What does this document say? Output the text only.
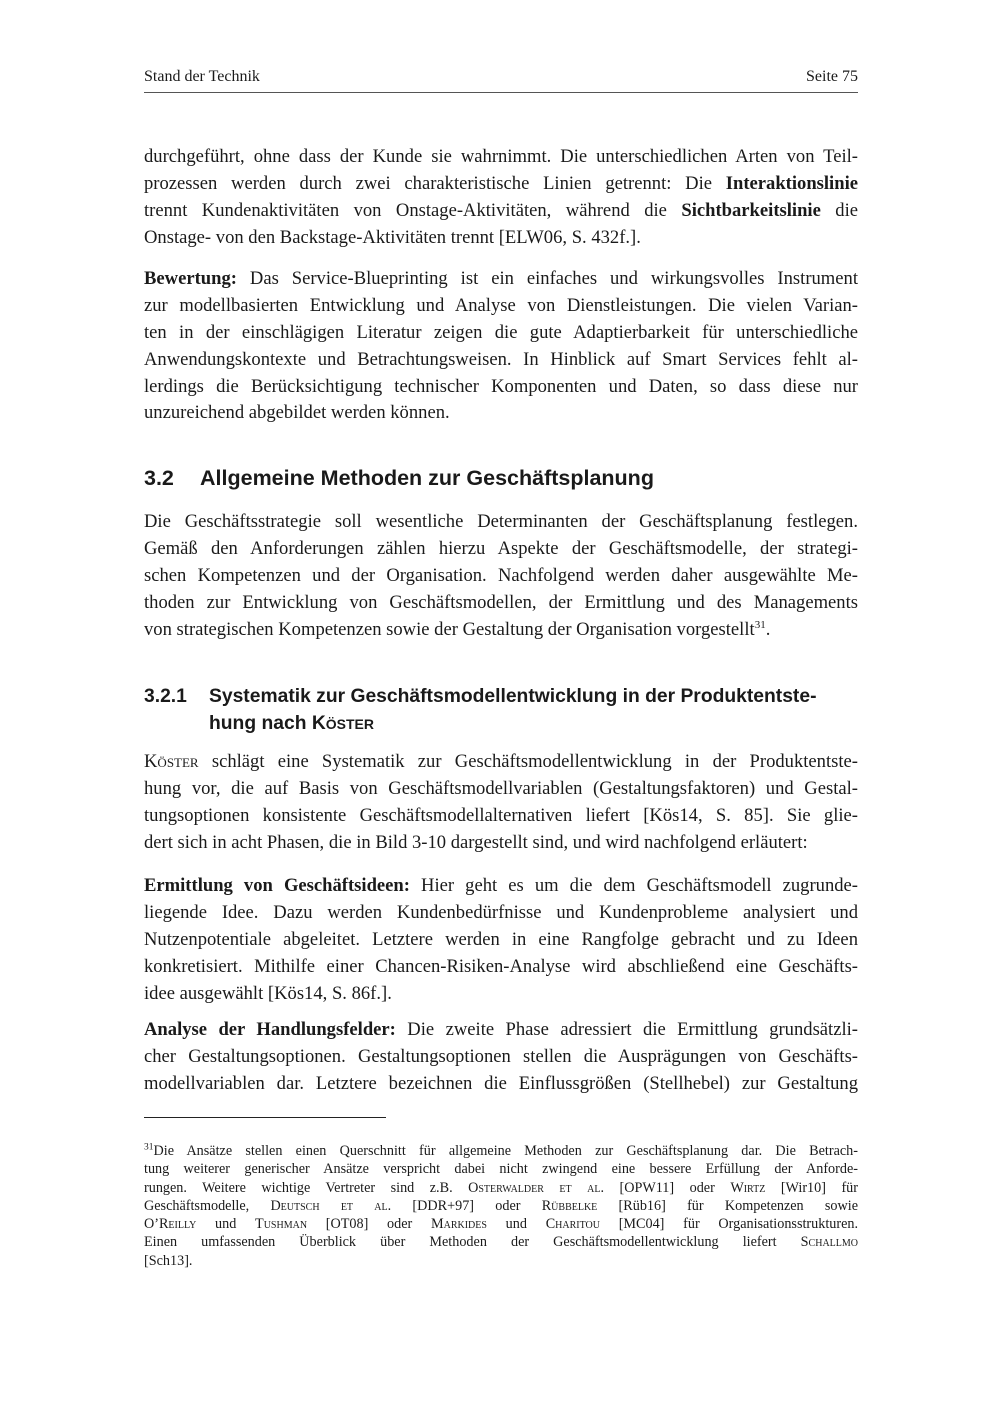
Stand der Technik	Seite 75
durchgeführt, ohne dass der Kunde sie wahrnimmt. Die unterschiedlichen Arten von Teil-
prozessen werden durch zwei charakteristische Linien getrennt: Die Interaktionslinie
trennt Kundenaktivitäten von Onstage-Aktivitäten, während die Sichtbarkeitslinie die
Onstage- von den Backstage-Aktivitäten trennt [ELW06, S. 432f.].
Bewertung: Das Service-Blueprinting ist ein einfaches und wirkungsvolles Instrument
zur modellbasierten Entwicklung und Analyse von Dienstleistungen. Die vielen Varian-
ten in der einschlägigen Literatur zeigen die gute Adaptierbarkeit für unterschiedliche
Anwendungskontexte und Betrachtungsweisen. In Hinblick auf Smart Services fehlt al-
lerdings die Berücksichtigung technischer Komponenten und Daten, so dass diese nur
unzureichend abgebildet werden können.
3.2 Allgemeine Methoden zur Geschäftsplanung
Die Geschäftsstrategie soll wesentliche Determinanten der Geschäftsplanung festlegen.
Gemäß den Anforderungen zählen hierzu Aspekte der Geschäftsmodelle, der strategi-
schen Kompetenzen und der Organisation. Nachfolgend werden daher ausgewählte Me-
thoden zur Entwicklung von Geschäftsmodellen, der Ermittlung und des Managements
von strategischen Kompetenzen sowie der Gestaltung der Organisation vorgestellt$^{31}$.
3.2.1 Systematik zur Geschäftsmodellentwicklung in der Produktentste-
hung nach Köster
Köster schlägt eine Systematik zur Geschäftsmodellentwicklung in der Produktentste-
hung vor, die auf Basis von Geschäftsmodellvariablen (Gestaltungsfaktoren) und Gestal-
tungsoptionen konsistente Geschäftsmodellalternativen liefert [Kös14, S. 85]. Sie glie-
dert sich in acht Phasen, die in Bild 3-10 dargestellt sind, und wird nachfolgend erläutert:
Ermittlung von Geschäftsideen: Hier geht es um die dem Geschäftsmodell zugrunde-
liegende Idee. Dazu werden Kundenbedürfnisse und Kundenprobleme analysiert und
Nutzenpotentiale abgeleitet. Letztere werden in eine Rangfolge gebracht und zu Ideen
konkretisiert. Mithilfe einer Chancen-Risiken-Analyse wird abschließend eine Geschäfts-
idee ausgewählt [Kös14, S. 86f.].
Analyse der Handlungsfelder: Die zweite Phase adressiert die Ermittlung grundsätzli-
cher Gestaltungsoptionen. Gestaltungsoptionen stellen die Ausprägungen von Geschäfts-
modellvariablen dar. Letztere bezeichnen die Einflussgrößen (Stellhebel) zur Gestaltung
$^{31}$Die Ansätze stellen einen Querschnitt für allgemeine Methoden zur Geschäftsplanung dar. Die Betrach-
tung weiterer generischer Ansätze verspricht dabei nicht zwingend eine bessere Erfüllung der Anforde-
rungen. Weitere wichtige Vertreter sind z.B. Osterwalder et al. [OPW11] oder Wirtz [Wir10] für
Geschäftsmodelle, Deutsch et al. [DDR+97] oder Rübbelke [Rüb16] für Kompetenzen sowie
O’Reilly und Tushman [OT08] oder Markides und Charitou [MC04] für Organisationsstrukturen.
Einen umfassenden Überblick über Methoden der Geschäftsmodellentwicklung liefert Schallmo
[Sch13].
